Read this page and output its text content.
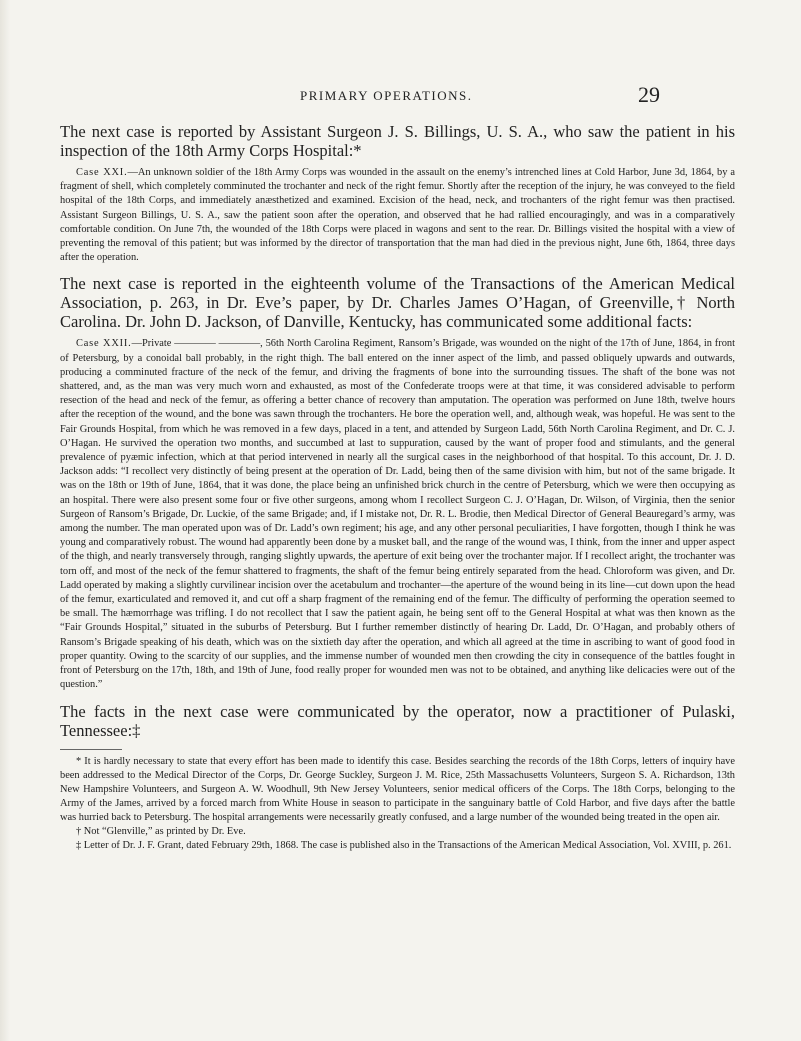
PRIMARY OPERATIONS.	29

The next case is reported by Assistant Surgeon J. S. Billings, U. S. A., who saw the patient in his inspection of the 18th Army Corps Hospital:*

Case XXI.—An unknown soldier of the 18th Army Corps was wounded in the assault on the enemy’s intrenched lines at Cold Harbor, June 3d, 1864, by a fragment of shell, which completely comminuted the trochanter and neck of the right femur. Shortly after the reception of the injury, he was conveyed to the field hospital of the 18th Corps, and immediately anæsthetized and examined. Excision of the head, neck, and trochanters of the right femur was then practised. Assistant Surgeon Billings, U. S. A., saw the patient soon after the operation, and observed that he had rallied encouragingly, and was in a comparatively comfortable condition. On June 7th, the wounded of the 18th Corps were placed in wagons and sent to the rear. Dr. Billings visited the hospital with a view of preventing the removal of this patient; but was informed by the director of transportation that the man had died in the previous night, June 6th, 1864, three days after the operation.

The next case is reported in the eighteenth volume of the Transactions of the American Medical Association, p. 263, in Dr. Eve’s paper, by Dr. Charles James O’Hagan, of Greenville,† North Carolina. Dr. John D. Jackson, of Danville, Kentucky, has communicated some additional facts:

Case XXII.—Private ———— ————, 56th North Carolina Regiment, Ransom’s Brigade, was wounded on the night of the 17th of June, 1864, in front of Petersburg, by a conoidal ball probably, in the right thigh. The ball entered on the inner aspect of the limb, and passed obliquely upwards and outwards, producing a comminuted fracture of the neck of the femur, and driving the fragments of bone into the surrounding tissues. The shaft of the bone was not shattered, and, as the man was very much worn and exhausted, as most of the Confederate troops were at that time, it was considered advisable to perform resection of the head and neck of the femur, as offering a better chance of recovery than amputation. The operation was performed on June 18th, twelve hours after the reception of the wound, and the bone was sawn through the trochanters. He bore the operation well, and, although weak, was hopeful. He was sent to the Fair Grounds Hospital, from which he was removed in a few days, placed in a tent, and attended by Surgeon Ladd, 56th North Carolina Regiment, and Dr. C. J. O’Hagan. He survived the operation two months, and succumbed at last to suppuration, caused by the want of proper food and stimulants, and the general prevalence of pyæmic infection, which at that period intervened in nearly all the surgical cases in the neighborhood of that hospital. To this account, Dr. J. D. Jackson adds: “I recollect very distinctly of being present at the operation of Dr. Ladd, being then of the same division with him, but not of the same brigade. It was on the 18th or 19th of June, 1864, that it was done, the place being an unfinished brick church in the centre of Petersburg, which we were then occupying as an hospital. There were also present some four or five other surgeons, among whom I recollect Surgeon C. J. O’Hagan, Dr. Wilson, of Virginia, then the senior Surgeon of Ransom’s Brigade, Dr. Luckie, of the same Brigade; and, if I mistake not, Dr. R. L. Brodie, then Medical Director of General Beauregard’s army, was among the number. The man operated upon was of Dr. Ladd’s own regiment; his age, and any other personal peculiarities, I have forgotten, though I think he was young and comparatively robust. The wound had apparently been done by a musket ball, and the range of the wound was, I think, from the inner and upper aspect of the thigh, and nearly transversely through, ranging slightly upwards, the aperture of exit being over the trochanter major. If I recollect aright, the trochanter was torn off, and most of the neck of the femur shattered to fragments, the shaft of the femur being entirely separated from the head. Chloroform was given, and Dr. Ladd operated by making a slightly curvilinear incision over the acetabulum and trochanter—the aperture of the wound being in its line—cut down upon the head of the femur, exarticulated and removed it, and cut off a sharp fragment of the remaining end of the femur. The difficulty of performing the operation seemed to be small. The hæmorrhage was trifling. I do not recollect that I saw the patient again, he being sent off to the General Hospital at what was then known as the “Fair Grounds Hospital,” situated in the suburbs of Petersburg. But I further remember distinctly of hearing Dr. Ladd, Dr. O’Hagan, and probably others of Ransom’s Brigade speaking of his death, which was on the sixtieth day after the operation, and which all agreed at the time in ascribing to want of good food in proper quantity. Owing to the scarcity of our supplies, and the immense number of wounded men then crowding the city in consequence of the battles fought in front of Petersburg on the 17th, 18th, and 19th of June, food really proper for wounded men was not to be obtained, and anything like delicacies were out of the question.”

The facts in the next case were communicated by the operator, now a practitioner of Pulaski, Tennessee:‡

* It is hardly necessary to state that every effort has been made to identify this case. Besides searching the records of the 18th Corps, letters of inquiry have been addressed to the Medical Director of the Corps, Dr. George Suckley, Surgeon J. M. Rice, 25th Massachusetts Volunteers, Surgeon S. A. Richardson, 13th New Hampshire Volunteers, and Surgeon A. W. Woodhull, 9th New Jersey Volunteers, senior medical officers of the Corps. The 18th Corps, belonging to the Army of the James, arrived by a forced march from White House in season to participate in the sanguinary battle of Cold Harbor, and five days after the battle was hurried back to Petersburg. The hospital arrangements were necessarily greatly confused, and a large number of the wounded being treated in the open air.

† Not “Glenville,” as printed by Dr. Eve.

‡ Letter of Dr. J. F. Grant, dated February 29th, 1868. The case is published also in the Transactions of the American Medical Association, Vol. XVIII, p. 261.
